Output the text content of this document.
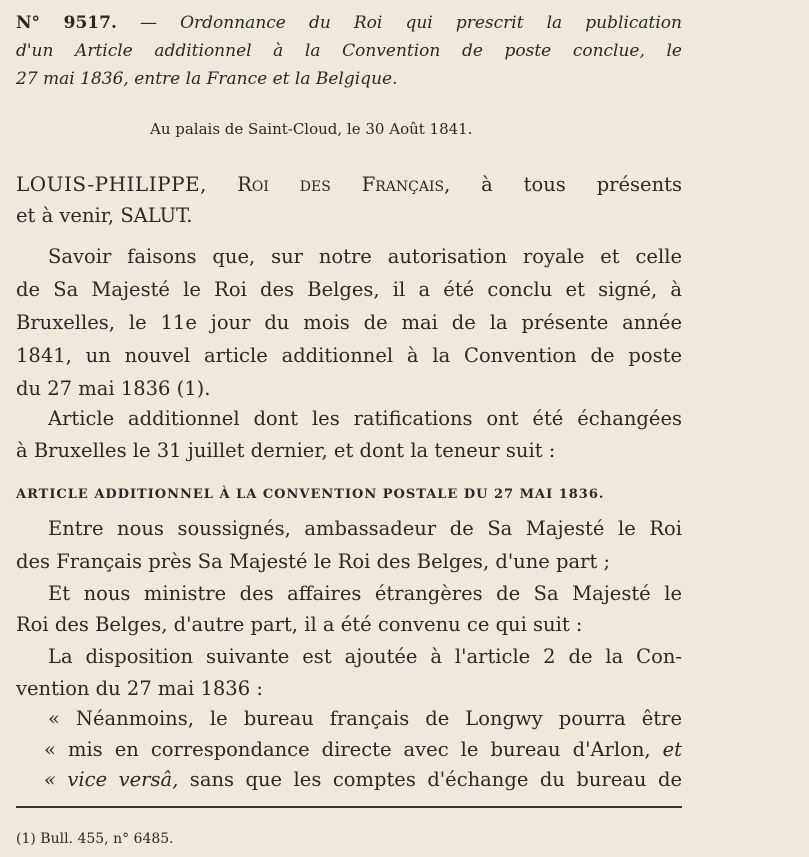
N° 9517. — Ordonnance du Roi qui prescrit la publication
d'un Article additionnel à la Convention de poste conclue, le
27 mai 1836, entre la France et la Belgique.
Au palais de Saint-Cloud, le 30 Août 1841.
LOUIS-PHILIPPE, Roi des Français, à tous présents
et à venir, SALUT.
Savoir faisons que, sur notre autorisation royale et celle
de Sa Majesté le Roi des Belges, il a été conclu et signé, à
Bruxelles, le 11e jour du mois de mai de la présente année
1841, un nouvel article additionnel à la Convention de poste
du 27 mai 1836 (1).
Article additionnel dont les ratifications ont été échangées
à Bruxelles le 31 juillet dernier, et dont la teneur suit :
ARTICLE ADDITIONNEL À LA CONVENTION POSTALE DU 27 MAI 1836.
Entre nous soussignés, ambassadeur de Sa Majesté le Roi
des Français près Sa Majesté le Roi des Belges, d'une part ;
Et nous ministre des affaires étrangères de Sa Majesté le
Roi des Belges, d'autre part, il a été convenu ce qui suit :
La disposition suivante est ajoutée à l'article 2 de la Con-
vention du 27 mai 1836 :
« Néanmoins, le bureau français de Longwy pourra être
« mis en correspondance directe avec le bureau d'Arlon, et
« vice versâ, sans que les comptes d'échange du bureau de
(1) Bull. 455, n° 6485.
